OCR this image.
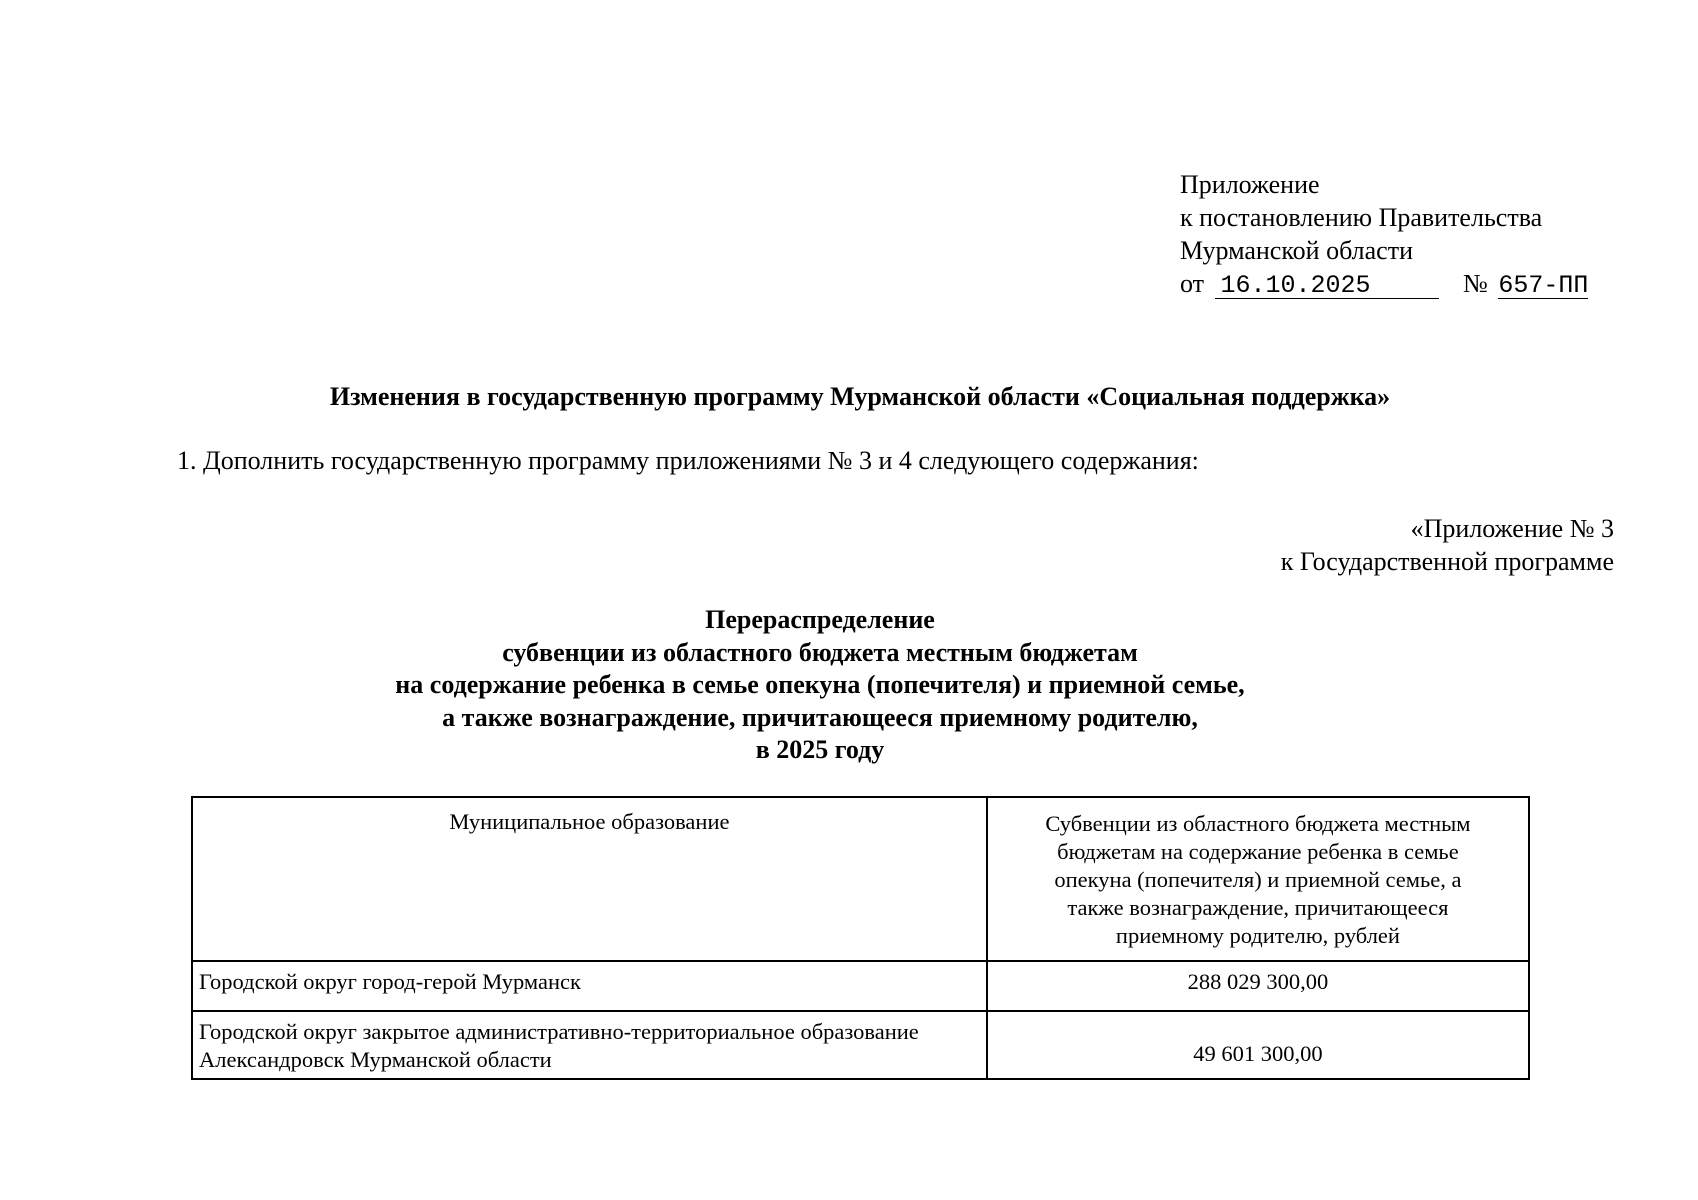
Приложение
к постановлению Правительства
Мурманской области
от 16.10.2025	№ 657-ПП
Изменения в государственную программу Мурманской области «Социальная поддержка»
1. Дополнить государственную программу приложениями № 3 и 4 следующего содержания:
«Приложение № 3
к Государственной программе
Перераспределение
субвенции из областного бюджета местным бюджетам
на содержание ребенка в семье опекуна (попечителя) и приемной семье,
а также вознаграждение, причитающееся приемному родителю,
в 2025 году
Муниципальное образование	Субвенции из областного бюджета местным
бюджетам на содержание ребенка в семье
опекуна (попечителя) и приемной семье, а
также вознаграждение, причитающееся
приемному родителю, рублей

Городской округ город-герой Мурманск	288 029 300,00

Городской округ закрытое административно-территориальное образование
Александровск Мурманской области	49 601 300,00
